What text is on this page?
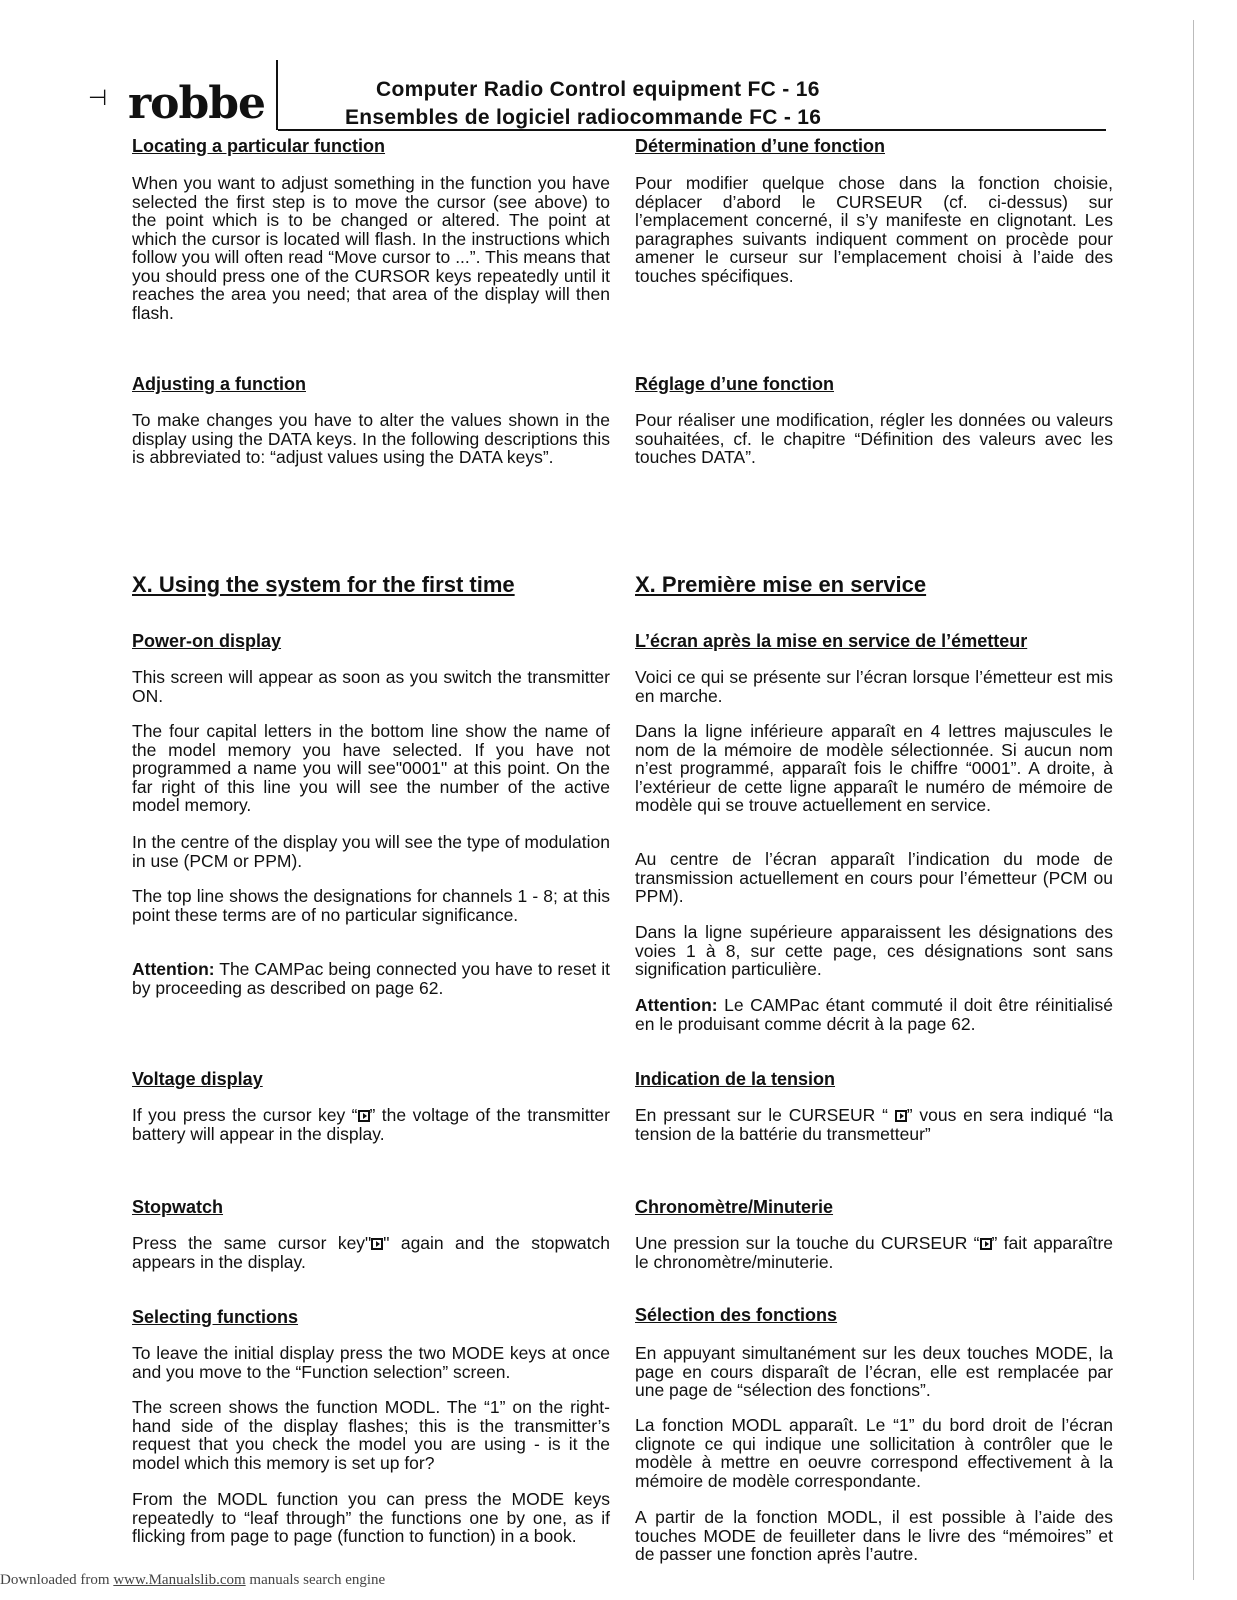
⊣ robbe	Computer Radio Control equipment FC - 16
Ensembles de logiciel radiocommande FC - 16
Locating a particular function
When you want to adjust something in the function you have selected the first step is to move the cursor (see above) to the point which is to be changed or altered. The point at which the cursor is located will flash. In the instructions which follow you will often read “Move cursor to ...”. This means that you should press one of the CURSOR keys repeatedly until it reaches the area you need; that area of the display will then flash.
Adjusting a function
To make changes you have to alter the values shown in the display using the DATA keys. In the following descriptions this is abbreviated to: “adjust values using the DATA keys”.
X. Using the system for the first time
Power-on display
This screen will appear as soon as you switch the transmitter ON.
The four capital letters in the bottom line show the name of the model memory you have selected. If you have not programmed a name you will see"0001" at this point. On the far right of this line you will see the number of the active model memory.
In the centre of the display you will see the type of modulation in use (PCM or PPM).
The top line shows the designations for channels 1 - 8; at this point these terms are of no particular significance.
Attention: The CAMPac being connected you have to reset it by proceeding as described on page 62.
Voltage display
If you press the cursor key “ ” the voltage of the transmitter battery will appear in the display.
Stopwatch
Press the same cursor key" " again and the stopwatch appears in the display.
Selecting functions
To leave the initial display press the two MODE keys at once and you move to the “Function selection” screen.
The screen shows the function MODL. The “1” on the right-hand side of the display flashes; this is the transmitter’s request that you check the model you are using - is it the model which this memory is set up for?
From the MODL function you can press the MODE keys repeatedly to “leaf through” the functions one by one, as if flicking from page to page (function to function) in a book.
Détermination d’une fonction
Pour modifier quelque chose dans la fonction choisie, déplacer d’abord le CURSEUR (cf. ci-dessus) sur l’emplacement concerné, il s’y manifeste en clignotant. Les paragraphes suivants indiquent comment on procède pour amener le curseur sur l’emplacement choisi à l’aide des touches spécifiques.
Réglage d’une fonction
Pour réaliser une modification, régler les données ou valeurs souhaitées, cf. le chapitre “Définition des valeurs avec les touches DATA”.
X. Première mise en service
L’écran après la mise en service de l’émetteur
Voici ce qui se présente sur l’écran lorsque l’émetteur est mis en marche.
Dans la ligne inférieure apparaît en 4 lettres majuscules le nom de la mémoire de modèle sélectionnée. Si aucun nom n’est programmé, apparaît fois le chiffre “0001”. A droite, à l’extérieur de cette ligne apparaît le numéro de mémoire de modèle qui se trouve actuellement en service.
Au centre de l’écran apparaît l’indication du mode de transmission actuellement en cours pour l’émetteur (PCM ou PPM).
Dans la ligne supérieure apparaissent les désignations des voies 1 à 8, sur cette page, ces désignations sont sans signification particulière.
Attention: Le CAMPac étant commuté il doit être réinitialisé en le produisant comme décrit à la page 62.
Indication de la tension
En pressant sur le CURSEUR “ ” vous en sera indiqué “la tension de la battérie du transmetteur”
Chronomètre/Minuterie
Une pression sur la touche du CURSEUR “ ” fait apparaître le chronomètre/minuterie.
Sélection des fonctions
En appuyant simultanément sur les deux touches MODE, la page en cours disparaît de l’écran, elle est remplacée par une page de “sélection des fonctions”.
La fonction MODL apparaît. Le “1” du bord droit de l’écran clignote ce qui indique une sollicitation à contrôler que le modèle à mettre en oeuvre correspond effectivement à la mémoire de modèle correspondante.
A partir de la fonction MODL, il est possible à l’aide des touches MODE de feuilleter dans le livre des “mémoires” et de passer une fonction après l’autre.
Downloaded from www.Manualslib.com manuals search engine
